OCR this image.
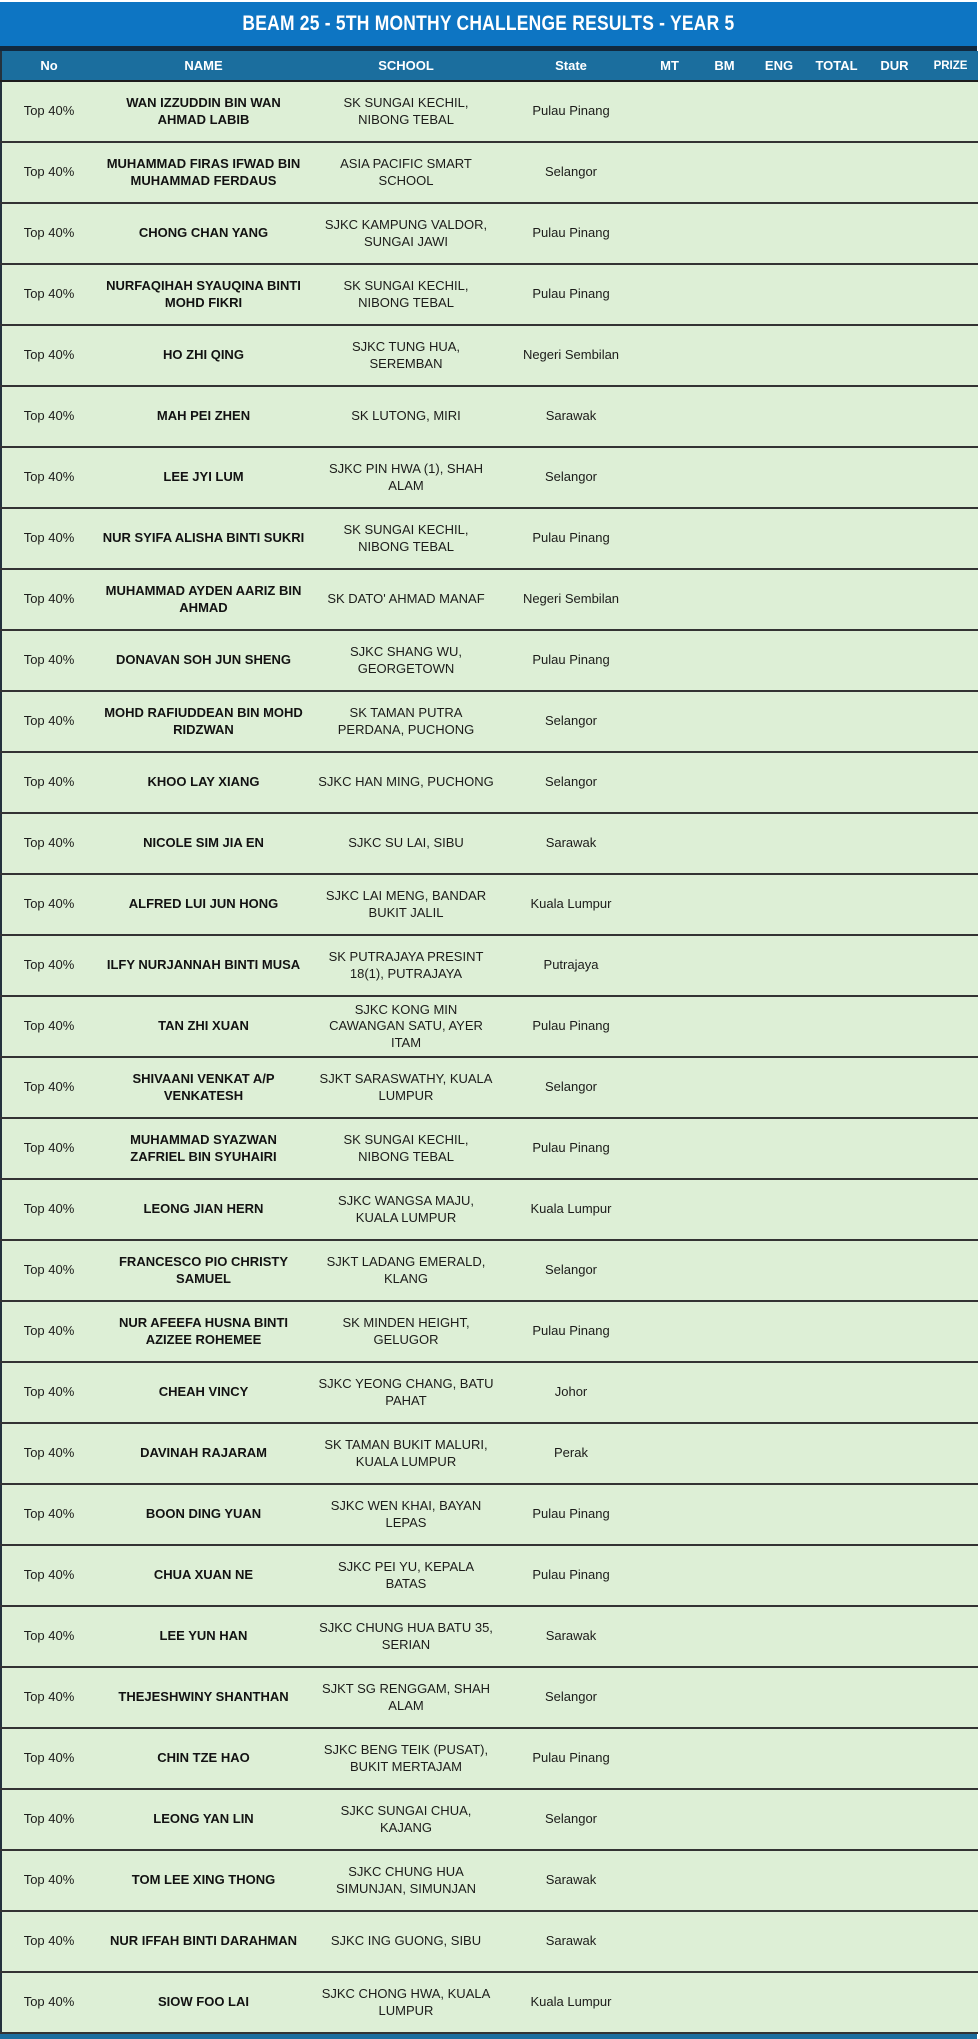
BEAM 25 - 5TH MONTHY CHALLENGE RESULTS - YEAR 5
No	NAME	SCHOOL	State	MT	BM	ENG	TOTAL	DUR	PRIZE
Top 40%	WAN IZZUDDIN BIN WAN AHMAD LABIB	SK SUNGAI KECHIL, NIBONG TEBAL	Pulau Pinang						
Top 40%	MUHAMMAD FIRAS IFWAD BIN MUHAMMAD FERDAUS	ASIA PACIFIC SMART SCHOOL	Selangor						
Top 40%	CHONG CHAN YANG	SJKC KAMPUNG VALDOR, SUNGAI JAWI	Pulau Pinang						
Top 40%	NURFAQIHAH SYAUQINA BINTI MOHD FIKRI	SK SUNGAI KECHIL, NIBONG TEBAL	Pulau Pinang						
Top 40%	HO ZHI QING	SJKC TUNG HUA, SEREMBAN	Negeri Sembilan						
Top 40%	MAH PEI ZHEN	SK LUTONG, MIRI	Sarawak						
Top 40%	LEE JYI LUM	SJKC PIN HWA (1), SHAH ALAM	Selangor						
Top 40%	NUR SYIFA ALISHA BINTI SUKRI	SK SUNGAI KECHIL, NIBONG TEBAL	Pulau Pinang						
Top 40%	MUHAMMAD AYDEN AARIZ BIN AHMAD	SK DATO' AHMAD MANAF	Negeri Sembilan						
Top 40%	DONAVAN SOH JUN SHENG	SJKC SHANG WU, GEORGETOWN	Pulau Pinang						
Top 40%	MOHD RAFIUDDEAN BIN MOHD RIDZWAN	SK TAMAN PUTRA PERDANA, PUCHONG	Selangor						
Top 40%	KHOO LAY XIANG	SJKC HAN MING, PUCHONG	Selangor						
Top 40%	NICOLE SIM JIA EN	SJKC SU LAI, SIBU	Sarawak						
Top 40%	ALFRED LUI JUN HONG	SJKC LAI MENG, BANDAR BUKIT JALIL	Kuala Lumpur						
Top 40%	ILFY NURJANNAH BINTI MUSA	SK PUTRAJAYA PRESINT 18(1), PUTRAJAYA	Putrajaya						
Top 40%	TAN ZHI XUAN	SJKC KONG MIN CAWANGAN SATU, AYER ITAM	Pulau Pinang						
Top 40%	SHIVAANI VENKAT A/P VENKATESH	SJKT SARASWATHY, KUALA LUMPUR	Selangor						
Top 40%	MUHAMMAD SYAZWAN ZAFRIEL BIN SYUHAIRI	SK SUNGAI KECHIL, NIBONG TEBAL	Pulau Pinang						
Top 40%	LEONG JIAN HERN	SJKC WANGSA MAJU, KUALA LUMPUR	Kuala Lumpur						
Top 40%	FRANCESCO PIO CHRISTY SAMUEL	SJKT LADANG EMERALD, KLANG	Selangor						
Top 40%	NUR AFEEFA HUSNA BINTI AZIZEE ROHEMEE	SK MINDEN HEIGHT, GELUGOR	Pulau Pinang						
Top 40%	CHEAH VINCY	SJKC YEONG CHANG, BATU PAHAT	Johor						
Top 40%	DAVINAH RAJARAM	SK TAMAN BUKIT MALURI, KUALA LUMPUR	Perak						
Top 40%	BOON DING YUAN	SJKC WEN KHAI, BAYAN LEPAS	Pulau Pinang						
Top 40%	CHUA XUAN NE	SJKC PEI YU, KEPALA BATAS	Pulau Pinang						
Top 40%	LEE YUN HAN	SJKC CHUNG HUA BATU 35, SERIAN	Sarawak						
Top 40%	THEJESHWINY SHANTHAN	SJKT SG RENGGAM, SHAH ALAM	Selangor						
Top 40%	CHIN TZE HAO	SJKC BENG TEIK (PUSAT), BUKIT MERTAJAM	Pulau Pinang						
Top 40%	LEONG YAN LIN	SJKC SUNGAI CHUA, KAJANG	Selangor						
Top 40%	TOM LEE XING THONG	SJKC CHUNG HUA SIMUNJAN, SIMUNJAN	Sarawak						
Top 40%	NUR IFFAH BINTI DARAHMAN	SJKC ING GUONG, SIBU	Sarawak						
Top 40%	SIOW FOO LAI	SJKC CHONG HWA, KUALA LUMPUR	Kuala Lumpur						
